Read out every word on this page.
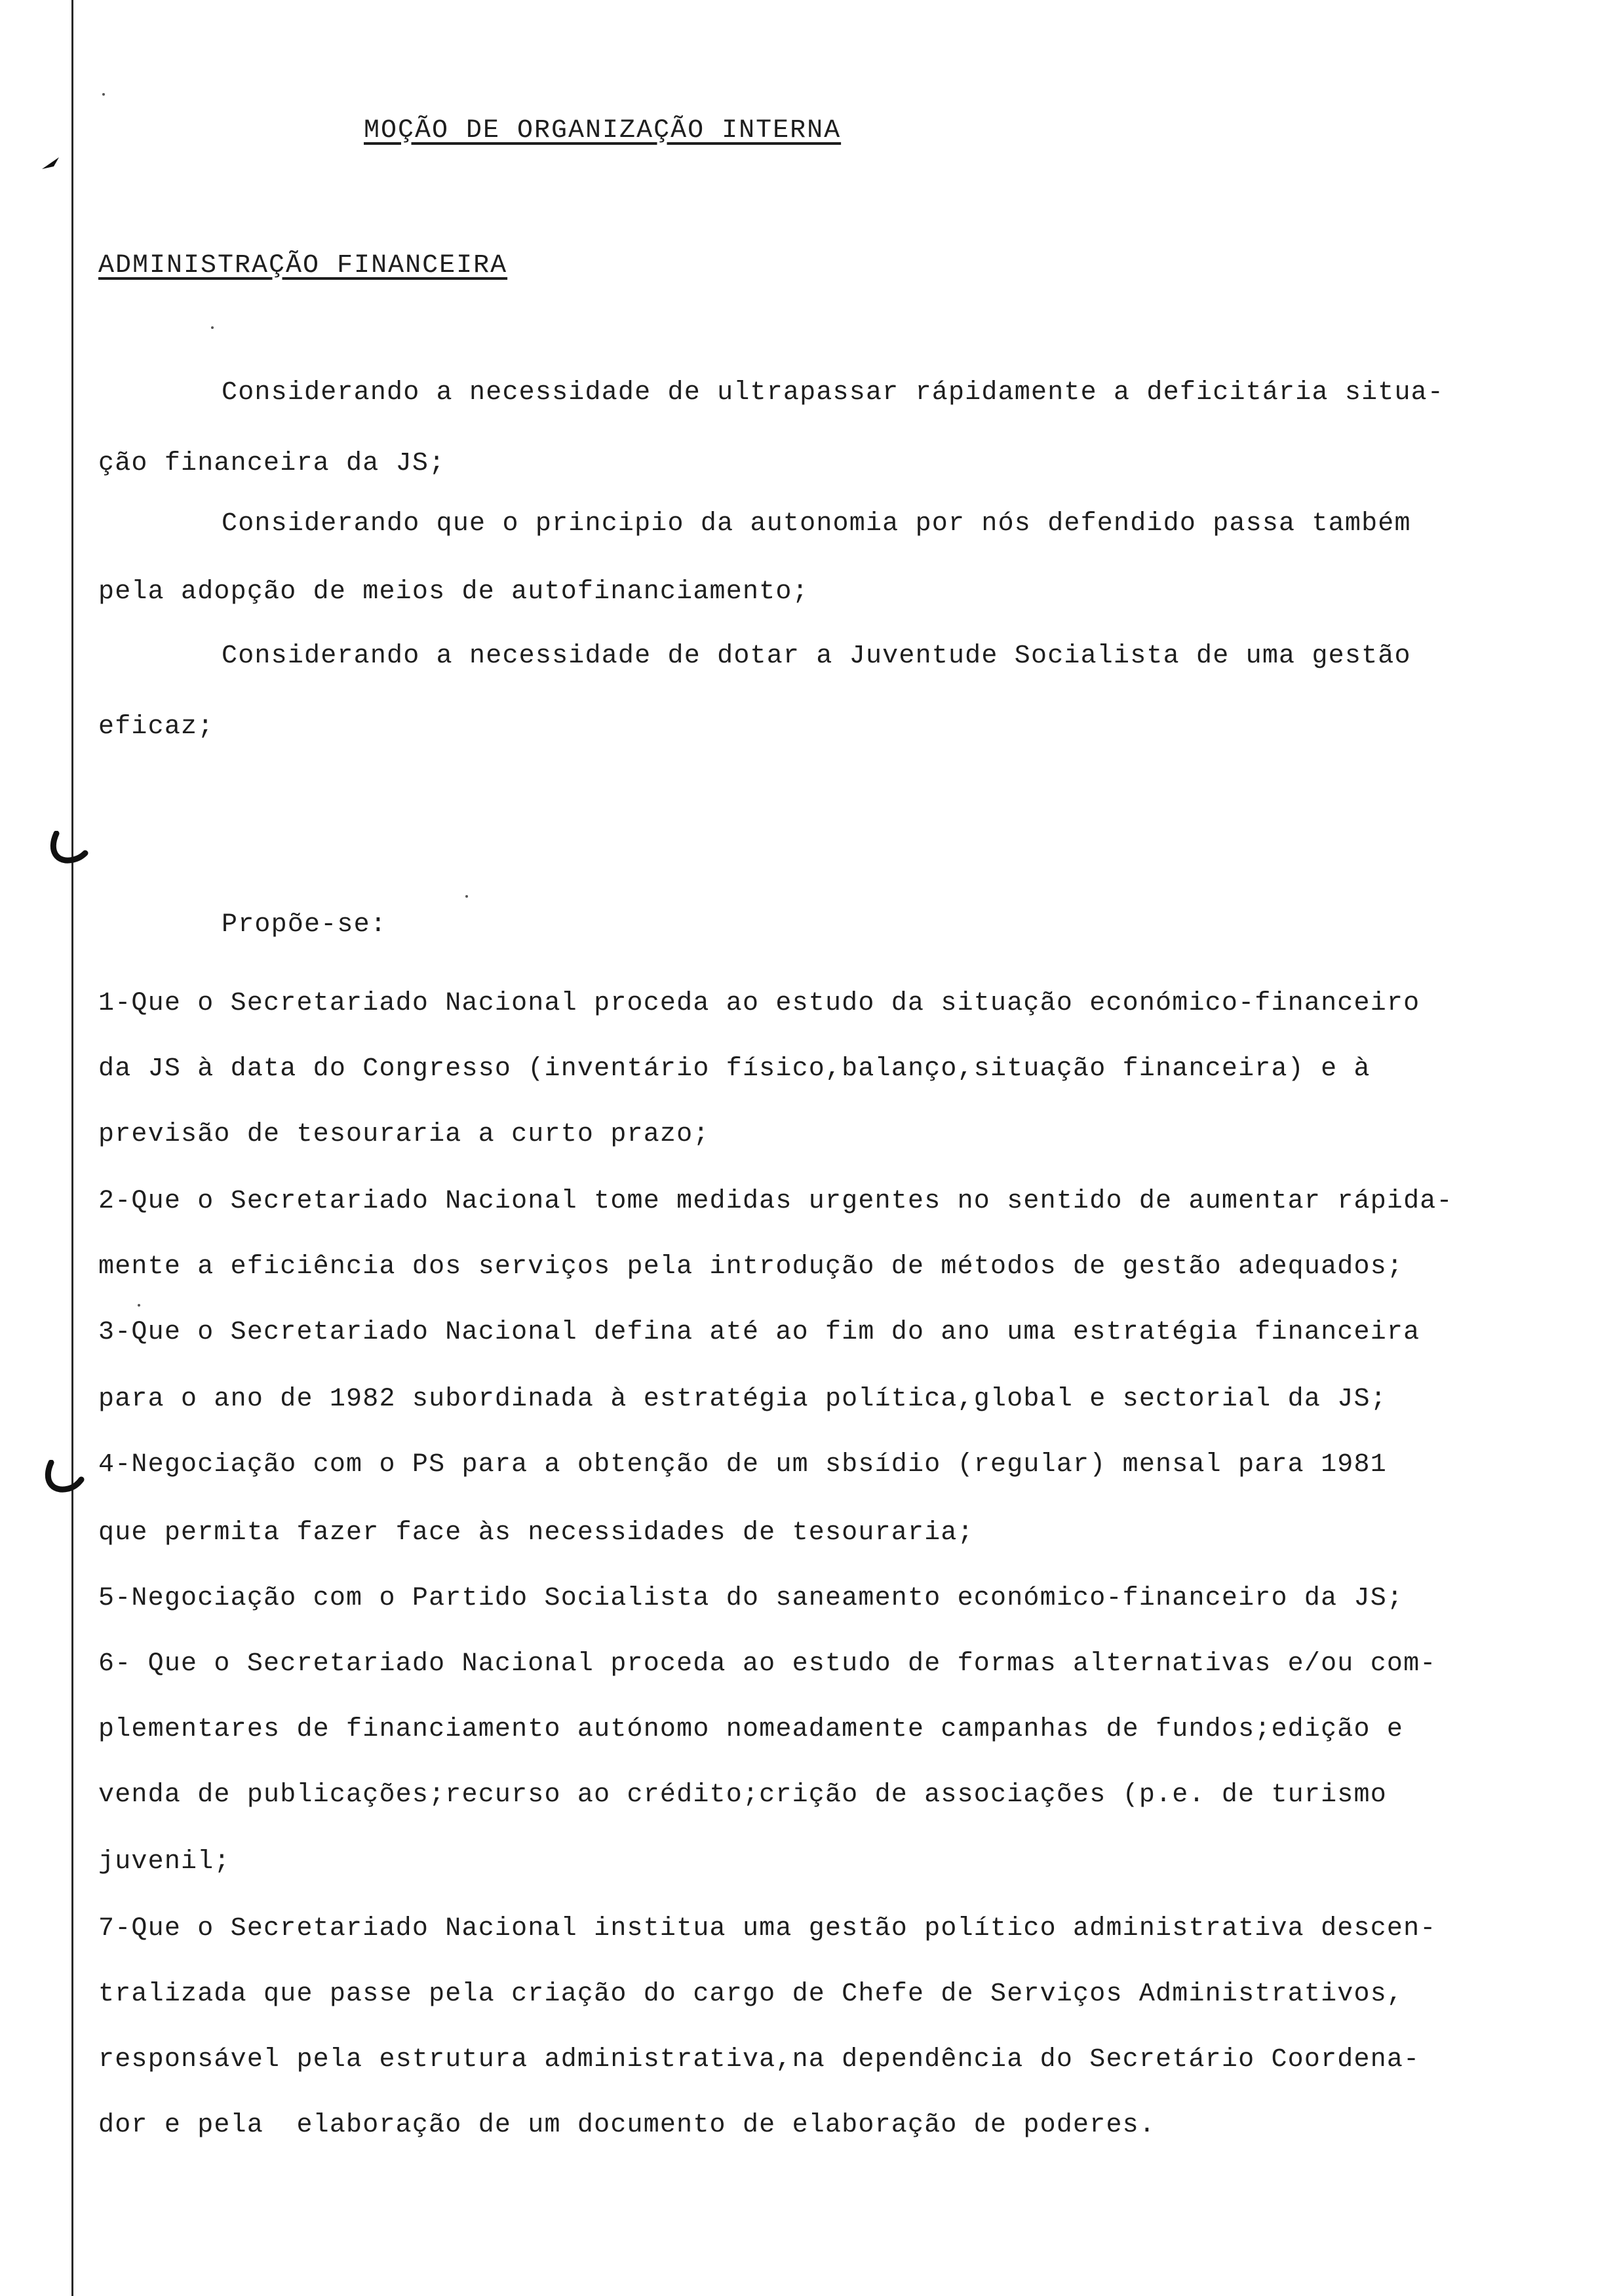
MOÇÃO DE ORGANIZAÇÃO INTERNA
ADMINISTRAÇÃO FINANCEIRA
Considerando a necessidade de ultrapassar rápidamente a deficitária situa-
ção financeira da JS;
Considerando que o principio da autonomia por nós defendido passa também
pela adopção de meios de autofinanciamento;
Considerando a necessidade de dotar a Juventude Socialista de uma gestão
eficaz;
Propõe-se:
1-Que o Secretariado Nacional proceda ao estudo da situação económico-financeiro
da JS à data do Congresso (inventário físico,balanço,situação financeira) e à
previsão de tesouraria a curto prazo;
2-Que o Secretariado Nacional tome medidas urgentes no sentido de aumentar rápida-
mente a eficiência dos serviços pela introdução de métodos de gestão adequados;
3-Que o Secretariado Nacional defina até ao fim do ano uma estratégia financeira
para o ano de 1982 subordinada à estratégia política,global e sectorial da JS;
4-Negociação com o PS para a obtenção de um sbsídio (regular) mensal para 1981
que permita fazer face às necessidades de tesouraria;
5-Negociação com o Partido Socialista do saneamento económico-financeiro da JS;
6- Que o Secretariado Nacional proceda ao estudo de formas alternativas e/ou com-
plementares de financiamento autónomo nomeadamente campanhas de fundos;edição e
venda de publicações;recurso ao crédito;crição de associações (p.e. de turismo
juvenil;
7-Que o Secretariado Nacional institua uma gestão político administrativa descen-
tralizada que passe pela criação do cargo de Chefe de Serviços Administrativos,
responsável pela estrutura administrativa,na dependência do Secretário Coordena-
dor e pela  elaboração de um documento de elaboração de poderes.
